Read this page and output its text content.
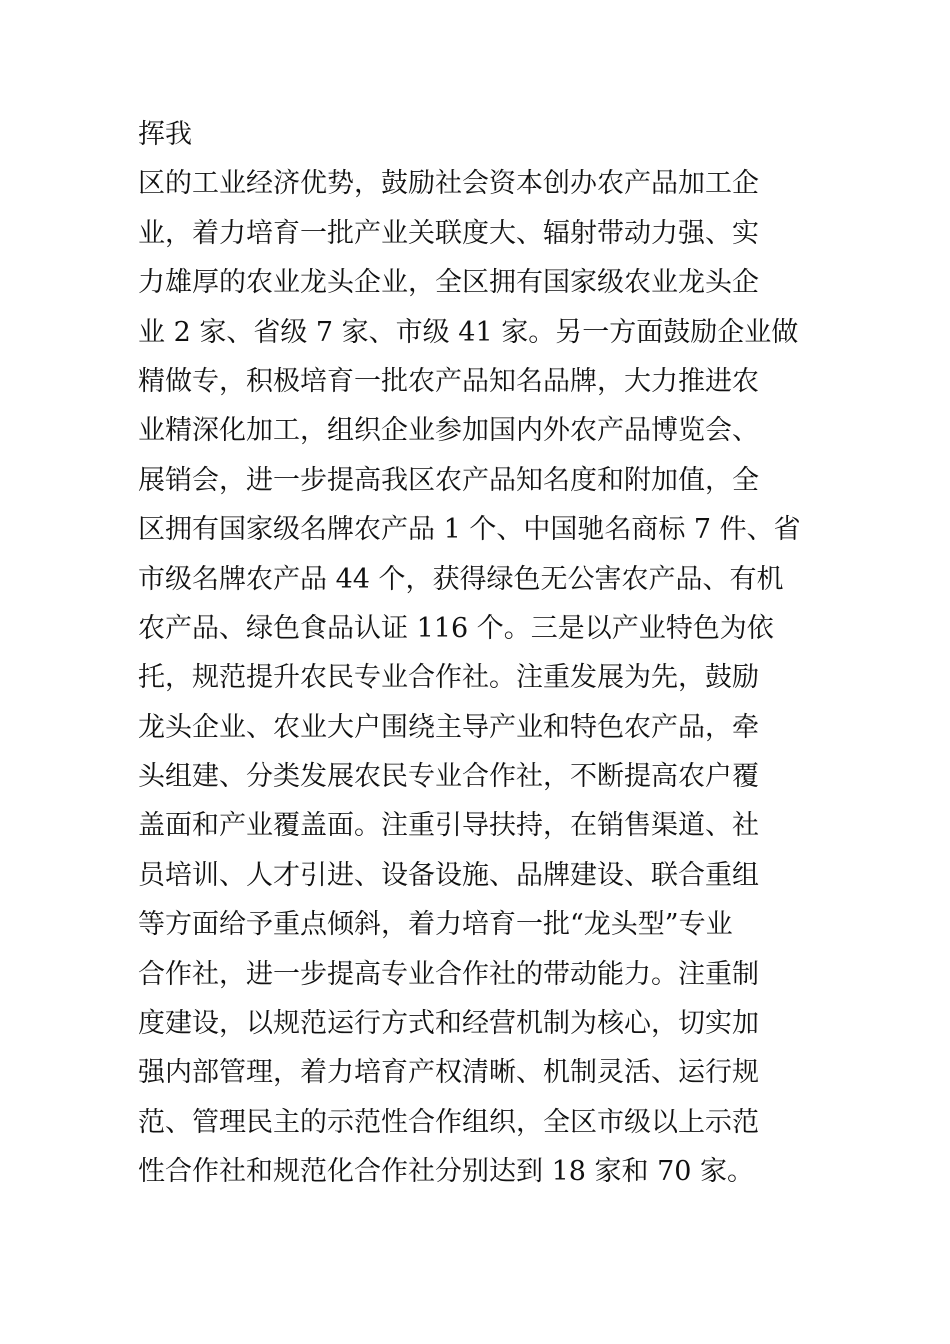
挥我
区的工业经济优势，鼓励社会资本创办农产品加工企
业，着力培育一批产业关联度大、辐射带动力强、实
力雄厚的农业龙头企业，全区拥有国家级农业龙头企
业 2 家、省级 7 家、市级 41 家。另一方面鼓励企业做
精做专，积极培育一批农产品知名品牌，大力推进农
业精深化加工，组织企业参加国内外农产品博览会、
展销会，进一步提高我区农产品知名度和附加值，全
区拥有国家级名牌农产品 1 个、中国驰名商标 7 件、省
市级名牌农产品 44 个，获得绿色无公害农产品、有机
农产品、绿色食品认证 116 个。三是以产业特色为依
托，规范提升农民专业合作社。注重发展为先，鼓励
龙头企业、农业大户围绕主导产业和特色农产品，牵
头组建、分类发展农民专业合作社，不断提高农户覆
盖面和产业覆盖面。注重引导扶持，在销售渠道、社
员培训、人才引进、设备设施、品牌建设、联合重组
等方面给予重点倾斜，着力培育一批“龙头型”专业
合作社，进一步提高专业合作社的带动能力。注重制
度建设，以规范运行方式和经营机制为核心，切实加
强内部管理，着力培育产权清晰、机制灵活、运行规
范、管理民主的示范性合作组织，全区市级以上示范
性合作社和规范化合作社分别达到 18 家和 70 家。
